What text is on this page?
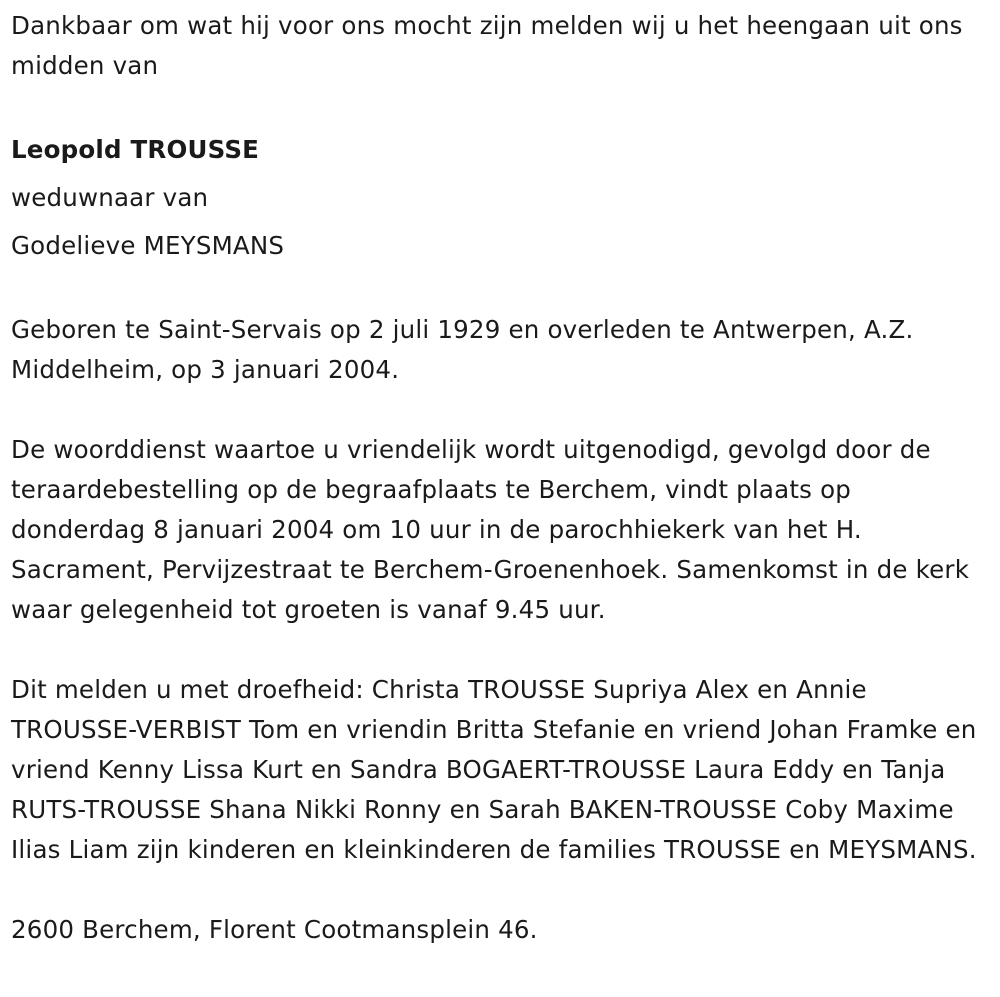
Dankbaar om wat hij voor ons mocht zijn melden wij u het heengaan uit ons midden van

Leopold TROUSSE

weduwnaar van

Godelieve MEYSMANS

Geboren te Saint-Servais op 2 juli 1929 en overleden te Antwerpen, A.Z. Middelheim, op 3 januari 2004.

De woorddienst waartoe u vriendelijk wordt uitgenodigd, gevolgd door de teraardebestelling op de begraafplaats te Berchem, vindt plaats op donderdag 8 januari 2004 om 10 uur in de parochhiekerk van het H. Sacrament, Pervijzestraat te Berchem-Groenenhoek. Samenkomst in de kerk waar gelegenheid tot groeten is vanaf 9.45 uur.

Dit melden u met droefheid: Christa TROUSSE Supriya Alex en Annie TROUSSE-VERBIST Tom en vriendin Britta Stefanie en vriend Johan Framke en vriend Kenny Lissa Kurt en Sandra BOGAERT-TROUSSE Laura Eddy en Tanja RUTS-TROUSSE Shana Nikki Ronny en Sarah BAKEN-TROUSSE Coby Maxime Ilias Liam zijn kinderen en kleinkinderen de families TROUSSE en MEYSMANS.

2600 Berchem, Florent Cootmansplein 46.
